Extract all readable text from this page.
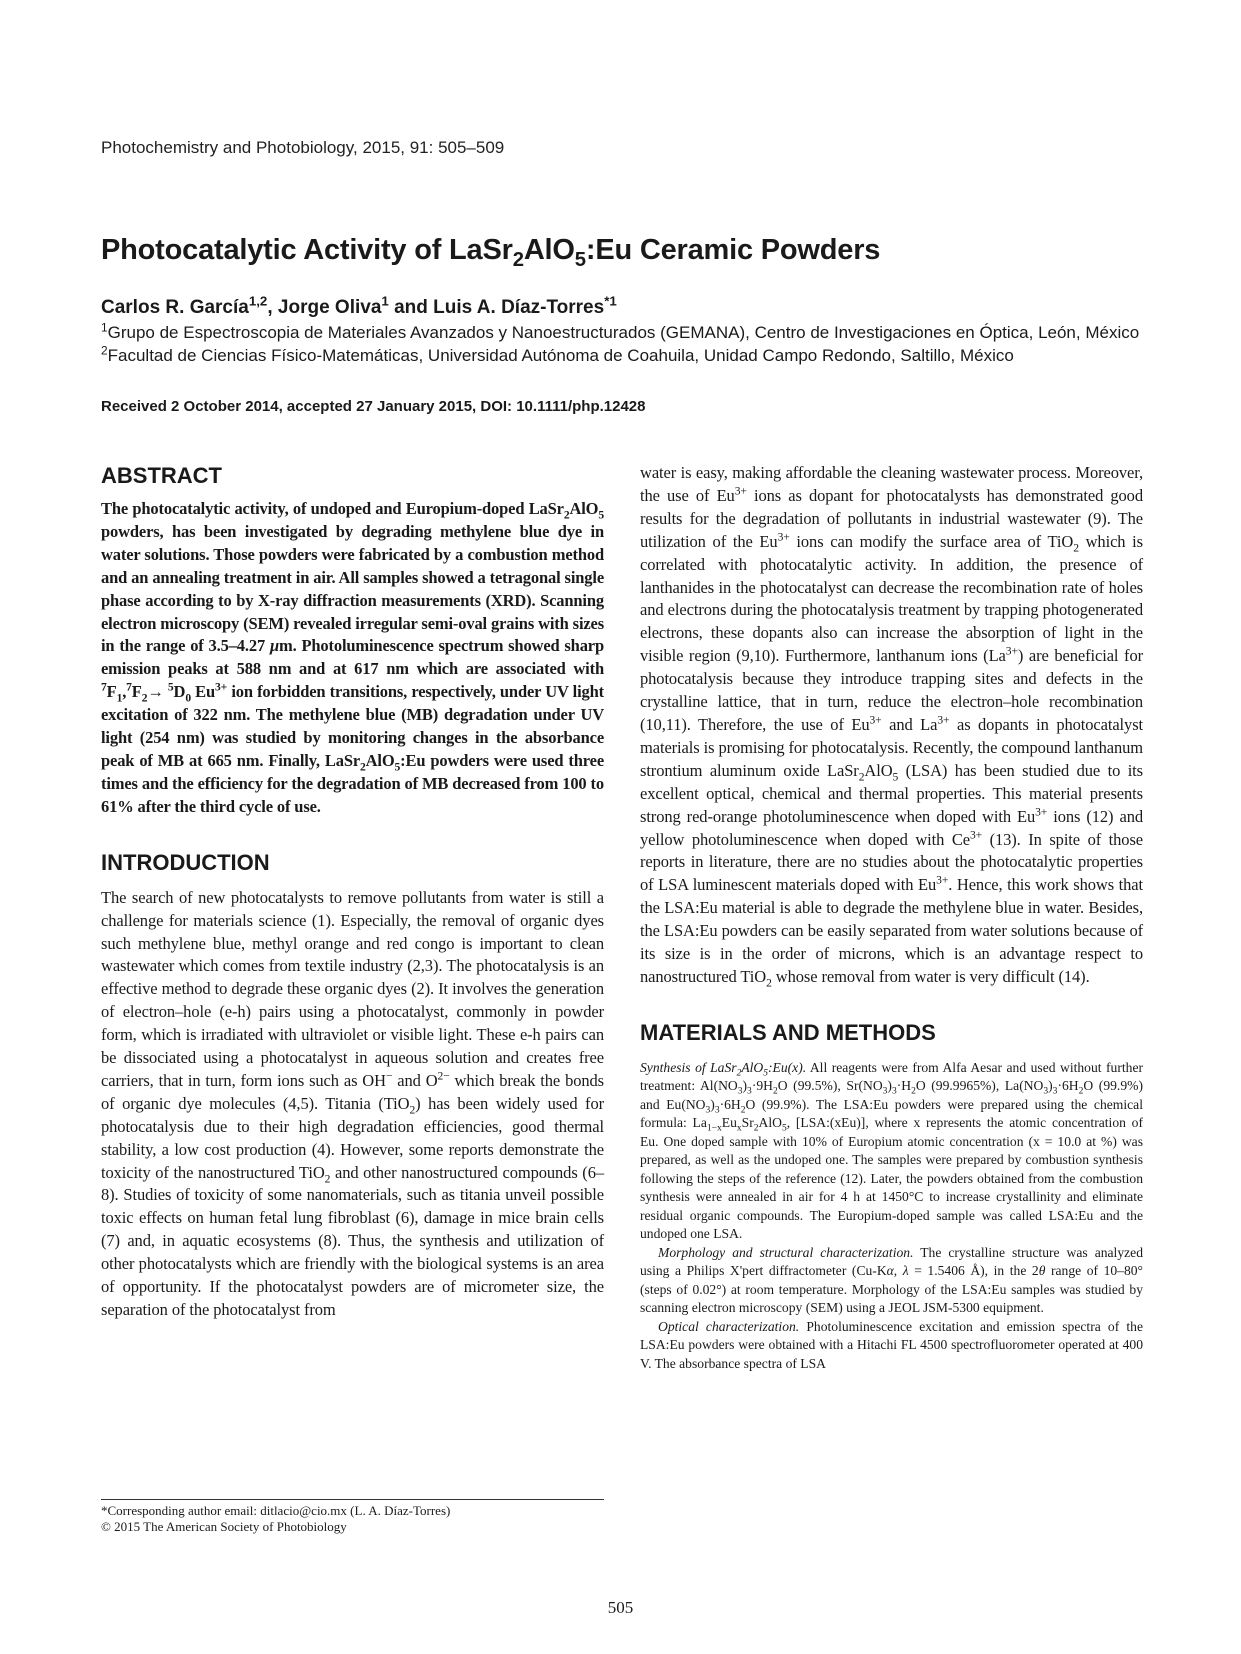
Photochemistry and Photobiology, 2015, 91: 505–509
Photocatalytic Activity of LaSr$_2$AlO$_5$:Eu Ceramic Powders
Carlos R. García$^{1,2}$, Jorge Oliva$^1$ and Luis A. Díaz-Torres$^{*1}$

$^1$Grupo de Espectroscopia de Materiales Avanzados y Nanoestructurados (GEMANA), Centro de Investigaciones en Óptica, León, México

$^2$Facultad de Ciencias Físico-Matemáticas, Universidad Autónoma de Coahuila, Unidad Campo Redondo, Saltillo, México

Received 2 October 2014, accepted 27 January 2015, DOI: 10.1111/php.12428
ABSTRACT

The photocatalytic activity, of undoped and Europium-doped LaSr$_2$AlO$_5$ powders, has been investigated by degrading methylene blue dye in water solutions. Those powders were fabricated by a combustion method and an annealing treatment in air. All samples showed a tetragonal single phase according to by X-ray diffraction measurements (XRD). Scanning electron microscopy (SEM) revealed irregular semi-oval grains with sizes in the range of 3.5–4.27 μm. Photoluminescence spectrum showed sharp emission peaks at 588 nm and at 617 nm which are associated with $^7F_1,^7F_2\to ^5D_0$ $Eu^{3+}$ ion forbidden transitions, respectively, under UV light excitation of 322 nm. The methylene blue (MB) degradation under UV light (254 nm) was studied by monitoring changes in the absorbance peak of MB at 665 nm. Finally, LaSr$_2$AlO$_5$:Eu powders were used three times and the efficiency for the degradation of MB decreased from 100 to 61% after the third cycle of use.

INTRODUCTION

The search of new photocatalysts to remove pollutants from water is still a challenge for materials science (1). Especially, the removal of organic dyes such methylene blue, methyl orange and red congo is important to clean wastewater which comes from textile industry (2,3). The photocatalysis is an effective method to degrade these organic dyes (2). It involves the generation of electron–hole (e-h) pairs using a photocatalyst, commonly in powder form, which is irradiated with ultraviolet or visible light. These e-h pairs can be dissociated using a photocatalyst in aqueous solution and creates free carriers, that in turn, form ions such as OH− and $O^{2-}$ which break the bonds of organic dye molecules (4,5). Titania (TiO$_2$) has been widely used for photocatalysis due to their high degradation efficiencies, good thermal stability, a low cost production (4). However, some reports demonstrate the toxicity of the nanostructured TiO$_2$ and other nanostructured compounds (6–8). Studies of toxicity of some nanomaterials, such as titania unveil possible toxic effects on human fetal lung fibroblast (6), damage in mice brain cells (7) and, in aquatic ecosystems (8). Thus, the synthesis and utilization of other photocatalysts which are friendly with the biological systems is an area of opportunity. If the photocatalyst powders are of micrometer size, the separation of the photocatalyst from

*Corresponding author email: ditlacio@cio.mx (L. A. Díaz-Torres)
© 2015 The American Society of Photobiology

water is easy, making affordable the cleaning wastewater process. Moreover, the use of $Eu^{3+}$ ions as dopant for photocatalysts has demonstrated good results for the degradation of pollutants in industrial wastewater (9). The utilization of the $Eu^{3+}$ ions can modify the surface area of TiO$_2$ which is correlated with photocatalytic activity. In addition, the presence of lanthanides in the photocatalyst can decrease the recombination rate of holes and electrons during the photocatalysis treatment by trapping photogenerated electrons, these dopants also can increase the absorption of light in the visible region (9,10). Furthermore, lanthanum ions $(La^{3+})$ are beneficial for photocatalysis because they introduce trapping sites and defects in the crystalline lattice, that in turn, reduce the electron–hole recombination (10,11). Therefore, the use of $Eu^{3+}$ and $La^{3+}$ as dopants in photocatalyst materials is promising for photocatalysis. Recently, the compound lanthanum strontium aluminum oxide LaSr$_2$AlO$_5$ (LSA) has been studied due to its excellent optical, chemical and thermal properties. This material presents strong red-orange photoluminescence when doped with $Eu^{3+}$ ions (12) and yellow photoluminescence when doped with $Ce^{3+}$ (13). In spite of those reports in literature, there are no studies about the photocatalytic properties of LSA luminescent materials doped with $Eu^{3+}$. Hence, this work shows that the LSA:Eu material is able to degrade the methylene blue in water. Besides, the LSA:Eu powders can be easily separated from water solutions because of its size is in the order of microns, which is an advantage respect to nanostructured TiO$_2$ whose removal from water is very difficult (14).

MATERIALS AND METHODS

Synthesis of LaSr$_2$AlO$_5$:Eu(x). All reagents were from Alfa Aesar and used without further treatment: $Al(NO_3)_3\cdot 9H_2O$ (99.5%), $Sr(NO_3)_3\cdot H_2O$ (99.9965%), $La(NO_3)_3\cdot 6H_2O$ (99.9%) and $Eu(NO_3)_3\cdot 6H_2O$ (99.9%). The LSA:Eu powders were prepared using the chemical formula: $La_{1-x}Eu_xSr_2AlO_5$, [LSA:(xEu)], where x represents the atomic concentration of Eu. One doped sample with 10% of Europium atomic concentration (x = 10.0 at %) was prepared, as well as the undoped one. The samples were prepared by combustion synthesis following the steps of the reference (12). Later, the powders obtained from the combustion synthesis were annealed in air for 4 h at 1450°C to increase crystallinity and eliminate residual organic compounds. The Europium-doped sample was called LSA:Eu and the undoped one LSA.

Morphology and structural characterization. The crystalline structure was analyzed using a Philips X'pert diffractometer (Cu-Kα, λ = 1.5406 Å), in the 2θ range of 10–80° (steps of 0.02°) at room temperature. Morphology of the LSA:Eu samples was studied by scanning electron microscopy (SEM) using a JEOL JSM-5300 equipment.

Optical characterization. Photoluminescence excitation and emission spectra of the LSA:Eu powders were obtained with a Hitachi FL 4500 spectrofluorometer operated at 400 V. The absorbance spectra of LSA

505
